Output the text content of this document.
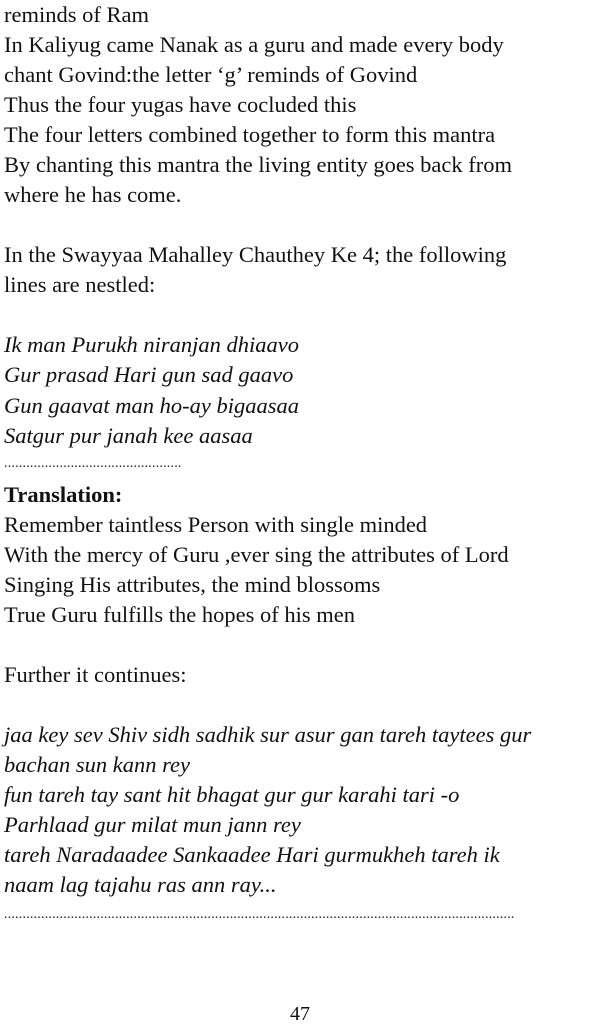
reminds of Ram
In Kaliyug came Nanak as a guru and made every body
chant Govind:the letter ‘g’ reminds of Govind
Thus the four yugas have cocluded this
The four letters combined together to form this mantra
By chanting this mantra the living entity goes back from
where he has come.
In the Swayyaa Mahalley Chauthey Ke 4; the following
lines are nestled:
Ik man Purukh niranjan dhiaavo
Gur prasad Hari gun sad gaavo
Gun gaavat man ho-ay bigaasaa
Satgur pur janah kee aasaa
................................................
Translation:
Remember taintless Person with single minded
With the mercy of Guru ,ever sing the attributes of Lord
Singing His attributes, the mind blossoms
True Guru fulfills the hopes of his men
Further it continues:
jaa key sev Shiv sidh sadhik sur asur gan tareh taytees gur
bachan sun kann rey
fun tareh tay sant hit bhagat gur gur karahi tari -o
Parhlaad gur milat mun jann rey
tareh Naradaadee Sankaadee Hari gurmukheh tareh ik
naam lag tajahu ras ann ray...
..........................................................................................................................................
47
